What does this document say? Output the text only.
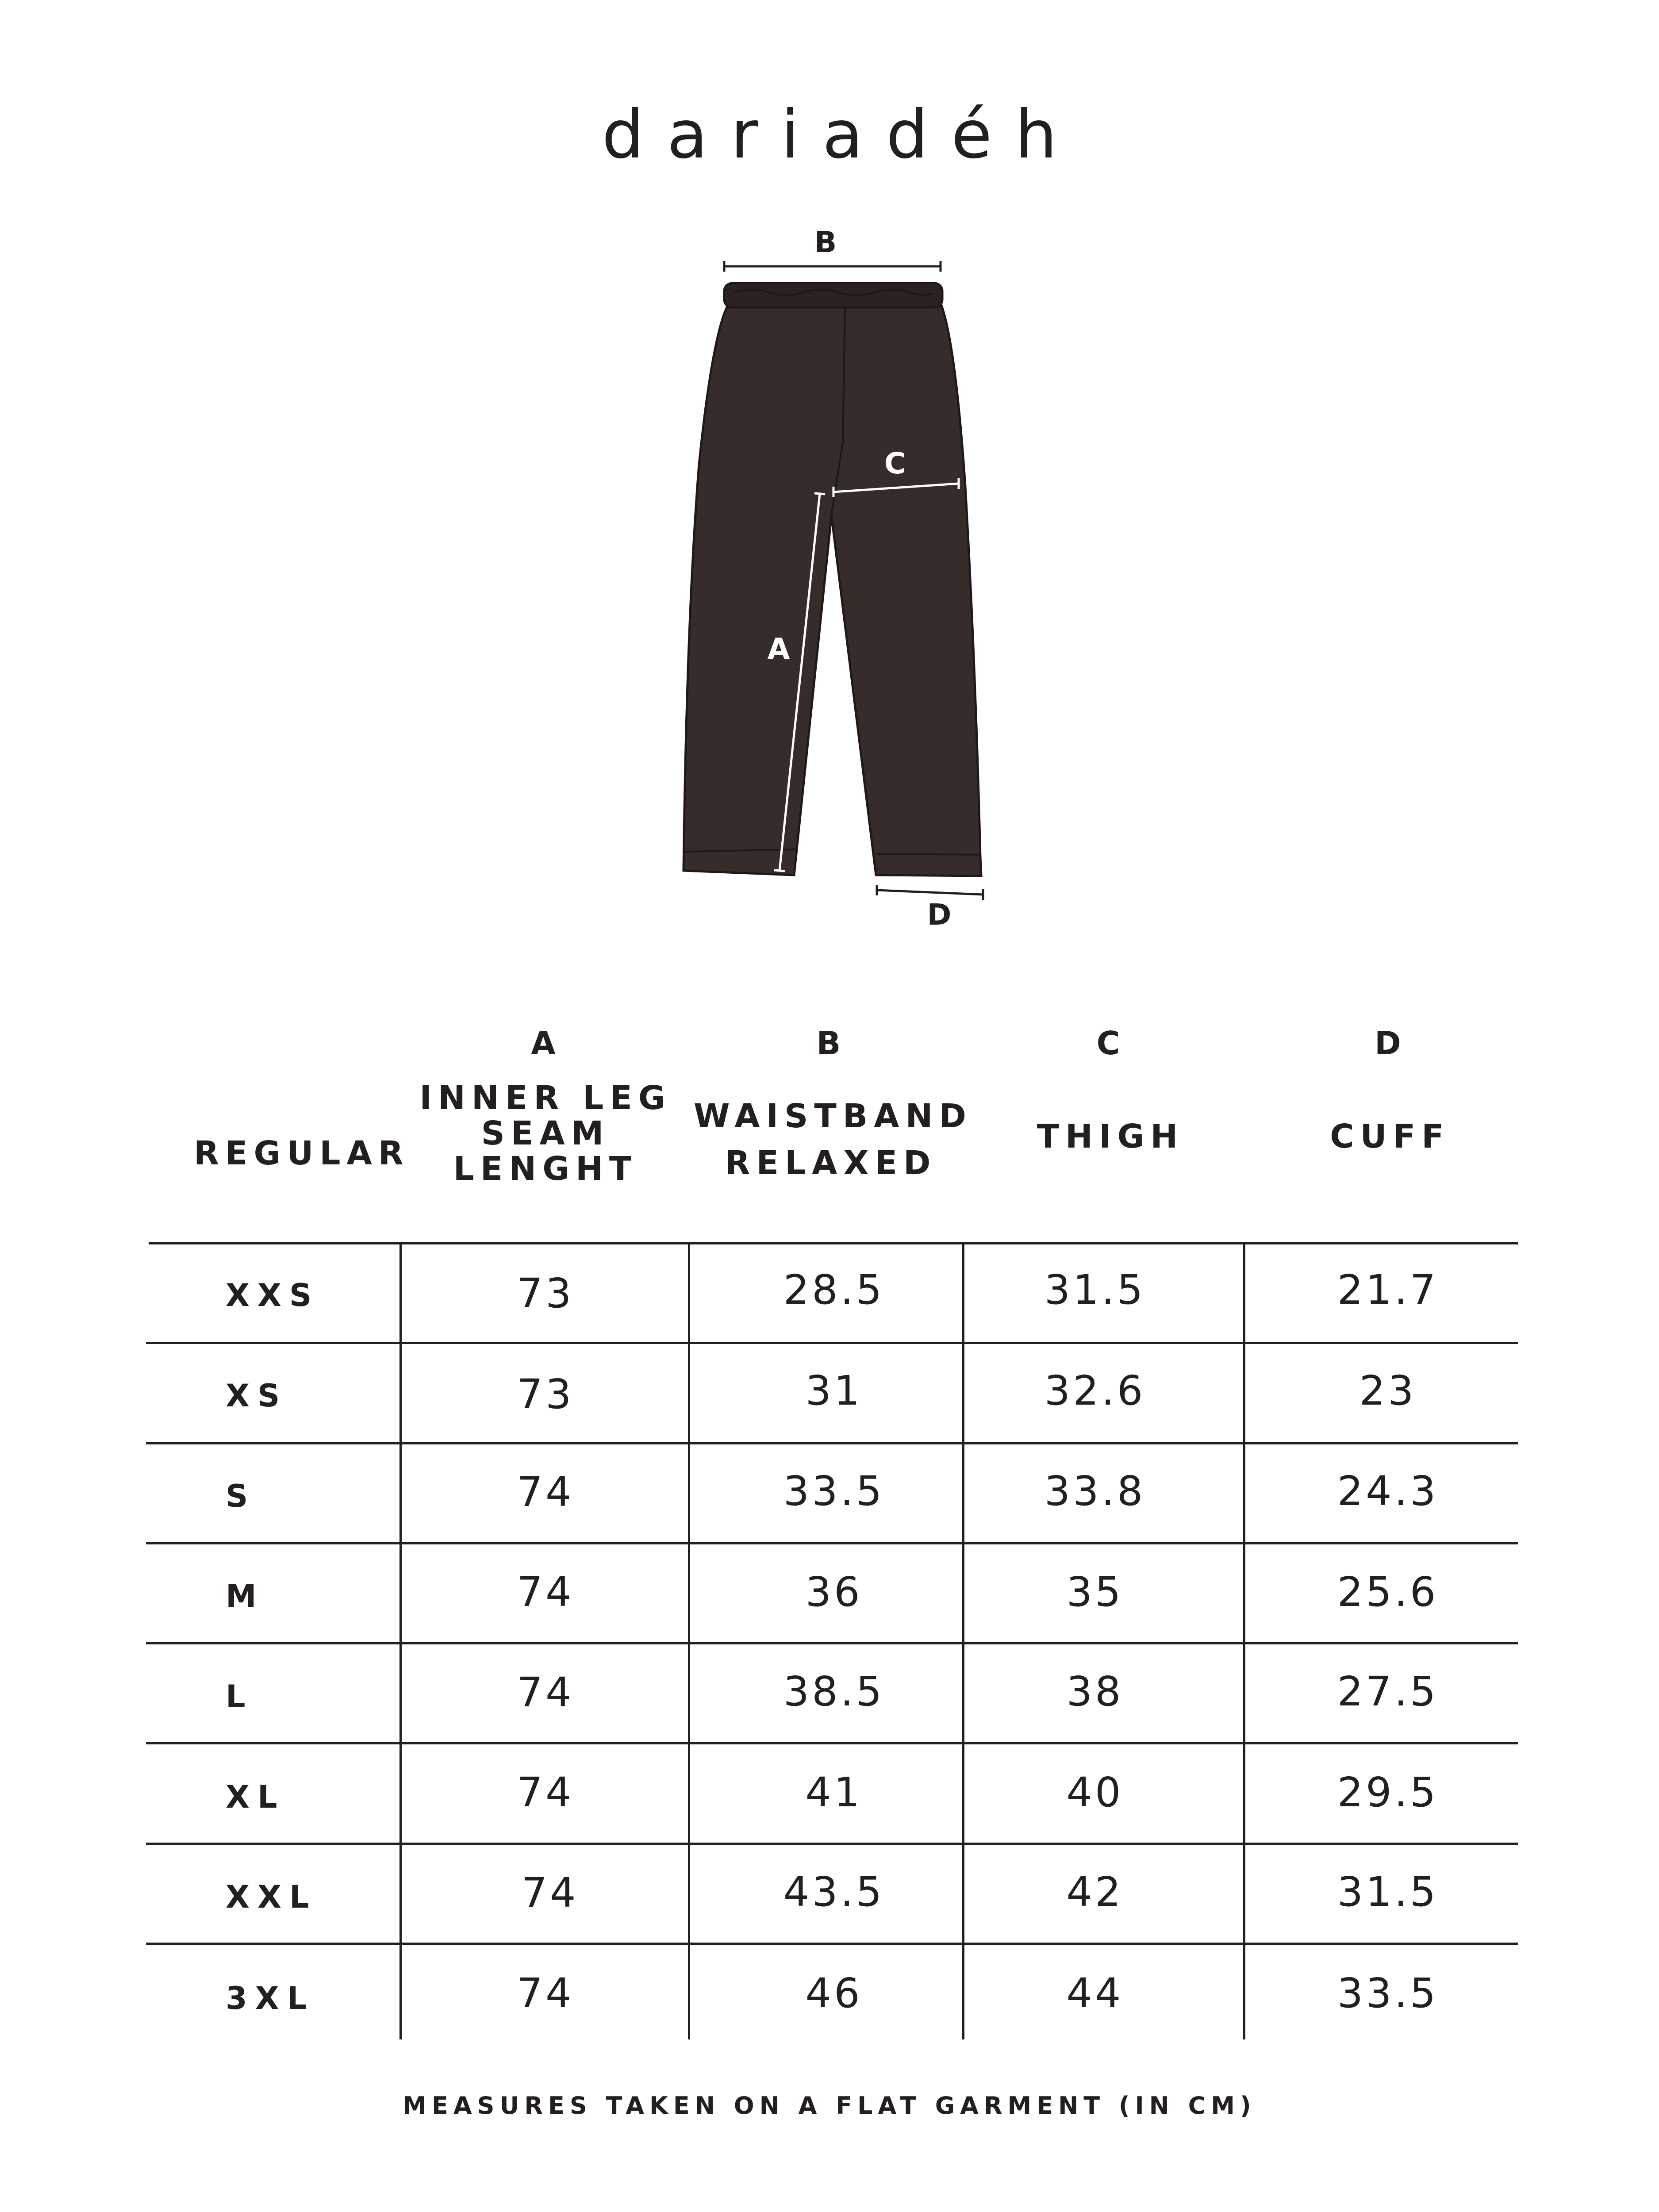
dariadéh
B
C
A
D
REGULAR
A	B	C	D
INNER LEG
SEAM
LENGHT
WAISTBAND
RELAXED
THIGH	CUFF
XXS	73	28.5	31.5	21.7
XS	73	31	32.6	23
S	74	33.5	33.8	24.3
M	74	36	35	25.6
L	74	38.5	38	27.5
XL	74	41	40	29.5
XXL	74	43.5	42	31.5
3XL	74	46	44	33.5
MEASURES TAKEN ON A FLAT GARMENT (IN CM)
